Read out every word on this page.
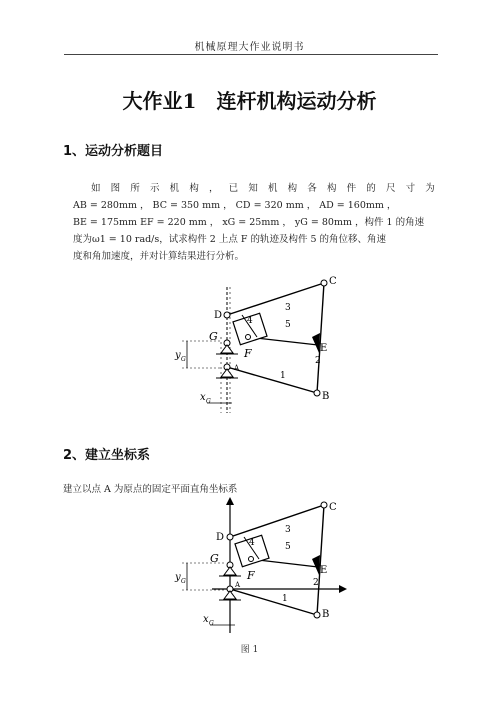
机械原理大作业说明书
大作业1　连杆机构运动分析
1、运动分析题目
如 图 所 示 机 构 ， 已 知 机 构 各 构 件 的 尺 寸 为
AB = 280mm ， BC = 350 mm ， CD = 320 mm ， AD = 160mm ，
BE = 175mm EF = 220 mm ， xG = 25mm ， yG = 80mm ，构件 1 的角速
度为ω1 = 10 rad/s，试求构件 2 上点 F 的轨迹及构件 5 的角位移、角速
度和角加速度，并对计算结果进行分析。
C
D
E
G
F
A
B
1
2
3
4	5
y G
x G
2、建立坐标系
建立以点 A 为原点的固定平面直角坐标系
C
D
E
G
F
A
B
1
2
3
4	5
y G
x G
图 1
